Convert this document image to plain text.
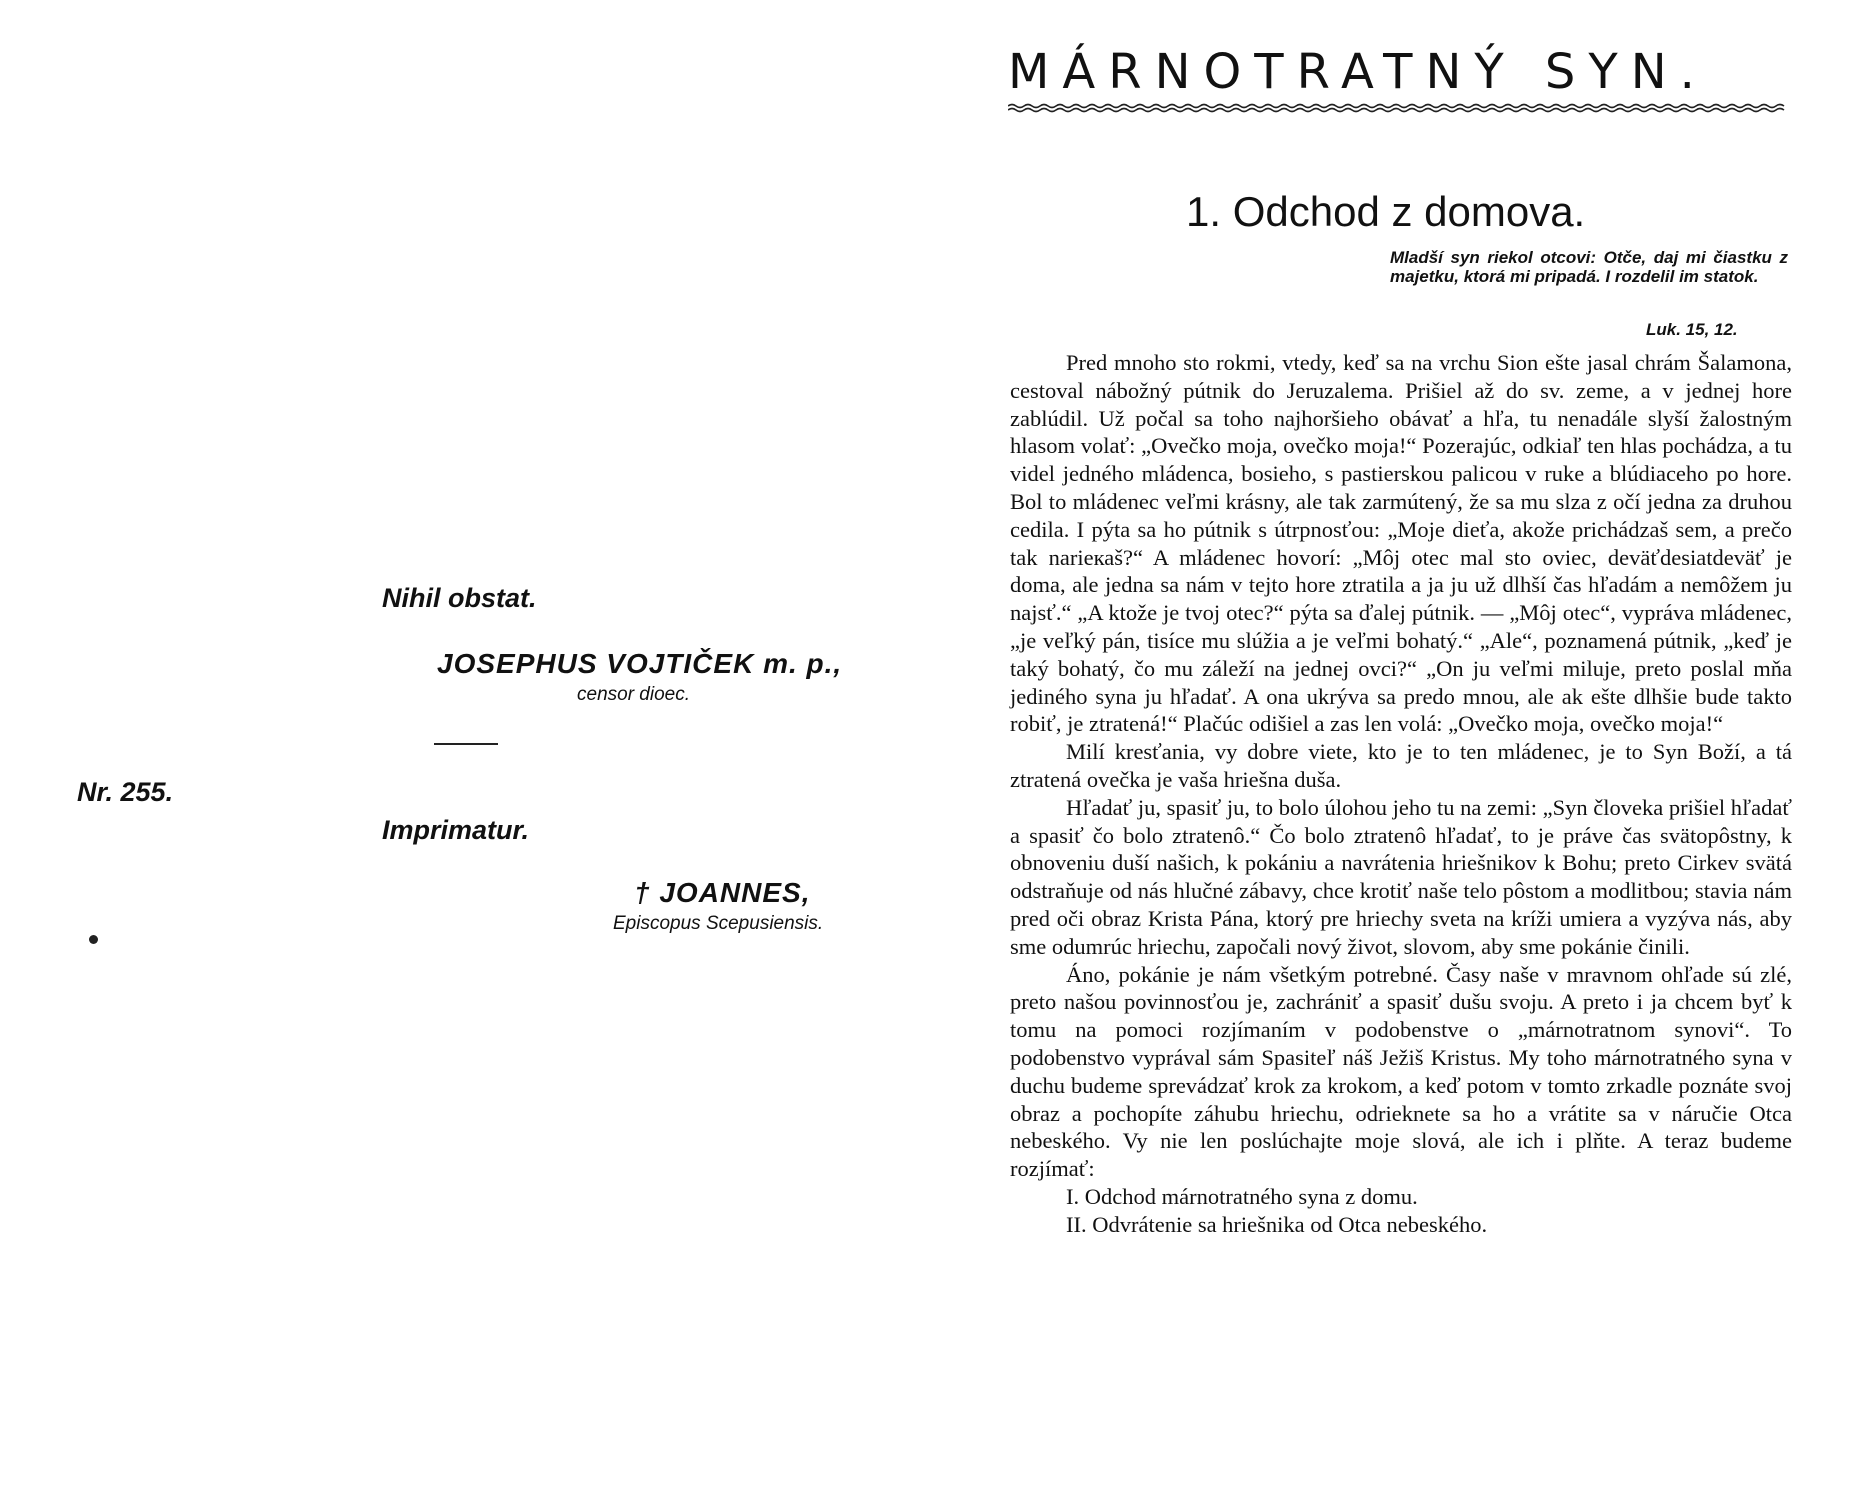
Nihil obstat.
JOSEPHUS VOJTIČEK m. p.,
censor dioec.
Nr. 255.
Imprimatur.
† JOANNES,
Episcopus Scepusiensis.
MÁRNOTRATNÝ SYN.
1. Odchod z domova.
Mladší syn riekol otcovi: Otče, daj mi čiastku z majetku, ktorá mi pripadá. I rozdelil im statok.
Luk. 15, 12.

Pred mnoho sto rokmi, vtedy, keď sa na vrchu Sion ešte jasal chrám Šalamona, cestoval nábožný pútnik do Jeruzalema. Prišiel až do sv. zeme, a v jednej hore zablúdil. Už počal sa toho najhoršieho obávať a hľa, tu nenadále slyší žalostným hlasom volať: „Ovečko moja, ovečko moja!“ Pozerajúc, odkiaľ ten hlas pochádza, a tu videl jedného mládenca, bosieho, s pastierskou palicou v ruke a blúdiaceho po hore. Bol to mládenec veľmi krásny, ale tak zarmútený, že sa mu slza z očí jedna za druhou cedila. I pýta sa ho pútnik s útrpnosťou: „Moje dieťa, akože prichádzaš sem, a prečo tak narieкаš?“ A mládenec hovorí: „Môj otec mal sto oviec, deväťdesiatdeväť je doma, ale jedna sa nám v tejto hore ztratila a ja ju už dlhší čas hľadám a nemôžem ju najsť.“ „A ktože je tvoj otec?“ pýta sa ďalej pútnik. — „Môj otec“, vypráva mládenec, „je veľký pán, tisíce mu slúžia a je veľmi bohatý.“ „Ale“, poznamená pútnik, „keď je taký bohatý, čo mu záleží na jednej ovci?“ „On ju veľmi miluje, preto poslal mňa jediného syna ju hľadať. A ona ukrýva sa predo mnou, ale ak ešte dlhšie bude takto robiť, je ztratená!“ Plačúc odišiel a zas len volá: „Ovečko moja, ovečko moja!“

Milí kresťania, vy dobre viete, kto je to ten mládenec, je to Syn Boží, a tá ztratená ovečka je vaša hriešna duša.

Hľadať ju, spasiť ju, to bolo úlohou jeho tu na zemi: „Syn človeka prišiel hľadať a spasiť čo bolo ztratenô.“ Čo bolo ztratenô hľadať, to je práve čas svätopôstny, k obnoveniu duší našich, k pokániu a navrátenia hriešnikov k Bohu; preto Cirkev svätá odstraňuje od nás hlučné zábavy, chce krotiť naše telo pôstom a modlitbou; stavia nám pred oči obraz Krista Pána, ktorý pre hriechy sveta na kríži umiera a vyzýva nás, aby sme odumrúc hriechu, započali nový život, slovom, aby sme pokánie činili.

Áno, pokánie je nám všetkým potrebné. Časy naše v mravnom ohľade sú zlé, preto našou povinnosťou je, zachrániť a spasiť dušu svoju. A preto i ja chcem byť k tomu na pomoci rozjímaním v podobenstve o „márnotratnom synovi“. To podobenstvo vyprával sám Spasiteľ náš Ježiš Kristus. My toho márnotratného syna v duchu budeme sprevádzať krok za krokom, a keď potom v tomto zrkadle poznáte svoj obraz a pochopíte záhubu hriechu, odrieknete sa ho a vrátite sa v náručie Otca nebeského. Vy nie len poslúchajte moje slová, ale ich i plňte. A teraz budeme rozjímať:

I. Odchod márnotratného syna z domu.
II. Odvrátenie sa hriešnika od Otca nebeského.
